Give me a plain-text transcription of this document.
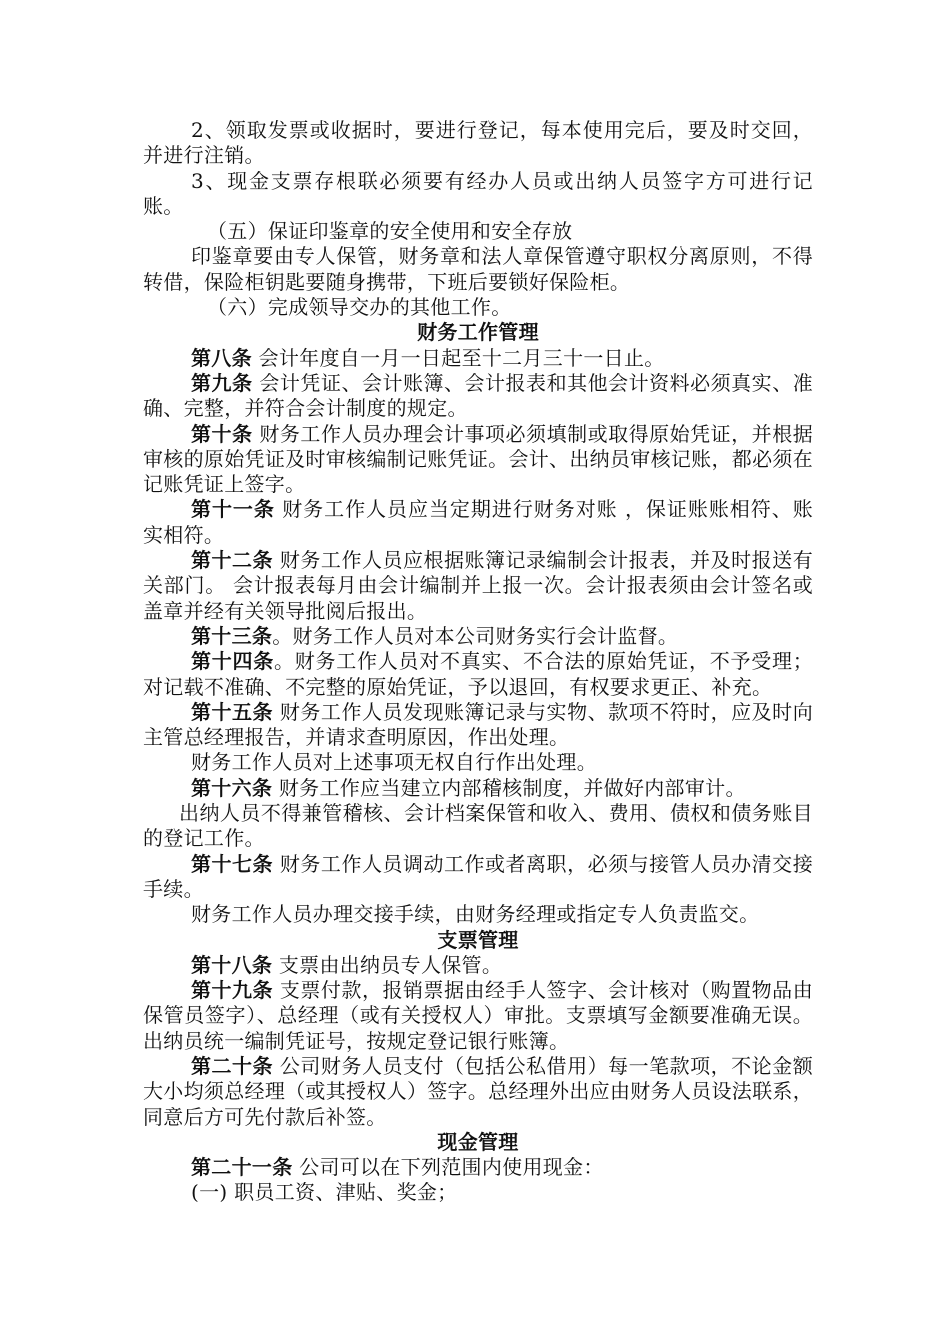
2、领取发票或收据时，要进行登记，每本使用完后，要及时交回，并进行注销。

3、现金支票存根联必须要有经办人员或出纳人员签字方可进行记账。

（五）保证印鉴章的安全使用和安全存放

印鉴章要由专人保管，财务章和法人章保管遵守职权分离原则，不得转借，保险柜钥匙要随身携带，下班后要锁好保险柜。

（六）完成领导交办的其他工作。

财务工作管理

第八条 会计年度自一月一日起至十二月三十一日止。

第九条 会计凭证、会计账簿、会计报表和其他会计资料必须真实、准确、完整，并符合会计制度的规定。

第十条 财务工作人员办理会计事项必须填制或取得原始凭证，并根据审核的原始凭证及时审核编制记账凭证。会计、出纳员审核记账，都必须在记账凭证上签字。

第十一条 财务工作人员应当定期进行财务对账 ，保证账账相符、账实相符。

第十二条 财务工作人员应根据账簿记录编制会计报表，并及时报送有关部门。 会计报表每月由会计编制并上报一次。会计报表须由会计签名或盖章并经有关领导批阅后报出。

第十三条。财务工作人员对本公司财务实行会计监督。

第十四条。财务工作人员对不真实、不合法的原始凭证，不予受理；对记载不准确、不完整的原始凭证，予以退回，有权要求更正、补充。

第十五条 财务工作人员发现账簿记录与实物、款项不符时，应及时向主管总经理报告，并请求查明原因，作出处理。

财务工作人员对上述事项无权自行作出处理。

第十六条 财务工作应当建立内部稽核制度，并做好内部审计。

出纳人员不得兼管稽核、会计档案保管和收入、费用、债权和债务账目的登记工作。

第十七条 财务工作人员调动工作或者离职，必须与接管人员办清交接手续。

财务工作人员办理交接手续，由财务经理或指定专人负责监交。

支票管理

第十八条 支票由出纳员专人保管。

第十九条 支票付款，报销票据由经手人签字、会计核对（购置物品由保管员签字）、总经理（或有关授权人）审批。支票填写金额要准确无误。出纳员统一编制凭证号，按规定登记银行账簿。

第二十条 公司财务人员支付（包括公私借用）每一笔款项，不论金额大小均须总经理（或其授权人）签字。总经理外出应由财务人员设法联系，同意后方可先付款后补签。

现金管理

第二十一条 公司可以在下列范围内使用现金：

(一) 职员工资、津贴、奖金；
